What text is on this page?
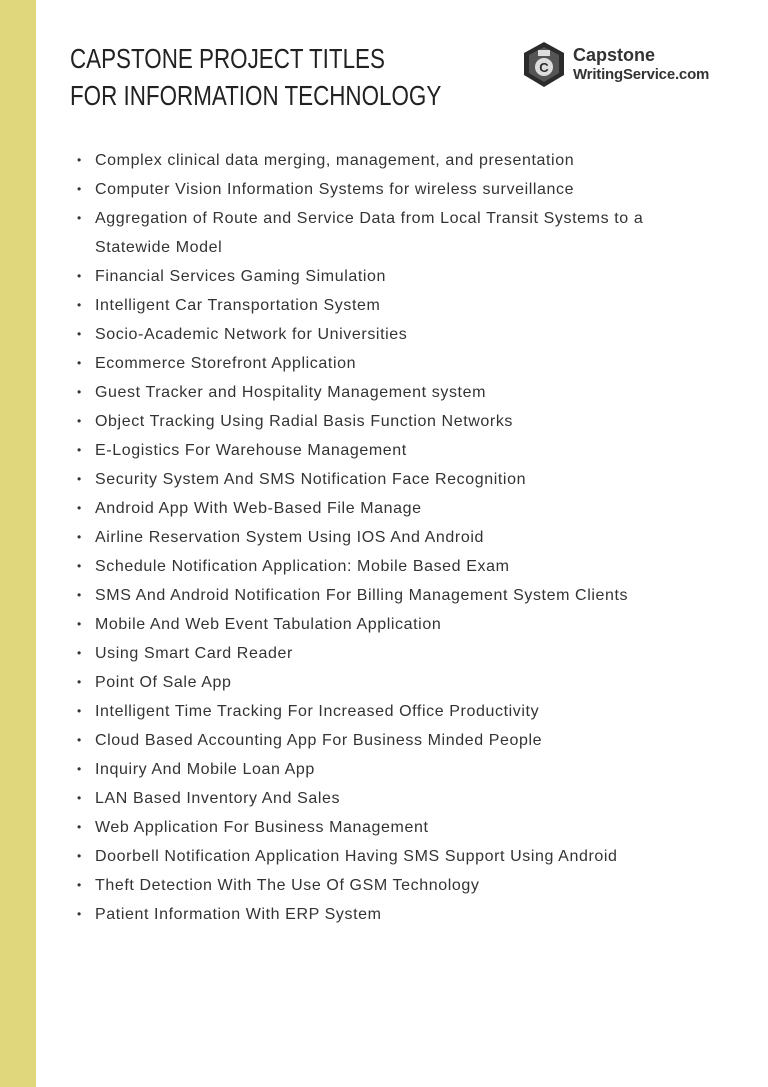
CAPSTONE PROJECT TITLES
FOR INFORMATION TECHNOLOGY
C
Capstone
WritingService.com
• Complex clinical data merging, management, and presentation
• Computer Vision Information Systems for wireless surveillance
• Aggregation of Route and Service Data from Local Transit Systems to a Statewide Model
• Financial Services Gaming Simulation
• Intelligent Car Transportation System
• Socio-Academic Network for Universities
• Ecommerce Storefront Application
• Guest Tracker and Hospitality Management system
• Object Tracking Using Radial Basis Function Networks
• E-Logistics For Warehouse Management
• Security System And SMS Notification Face Recognition
• Android App With Web-Based File Manage
• Airline Reservation System Using IOS And Android
• Schedule Notification Application: Mobile Based Exam
• SMS And Android Notification For Billing Management System Clients
• Mobile And Web Event Tabulation Application
• Using Smart Card Reader
• Point Of Sale App
• Intelligent Time Tracking For Increased Office Productivity
• Cloud Based Accounting App For Business Minded People
• Inquiry And Mobile Loan App
• LAN Based Inventory And Sales
• Web Application For Business Management
• Doorbell Notification Application Having SMS Support Using Android
• Theft Detection With The Use Of GSM Technology
• Patient Information With ERP System
